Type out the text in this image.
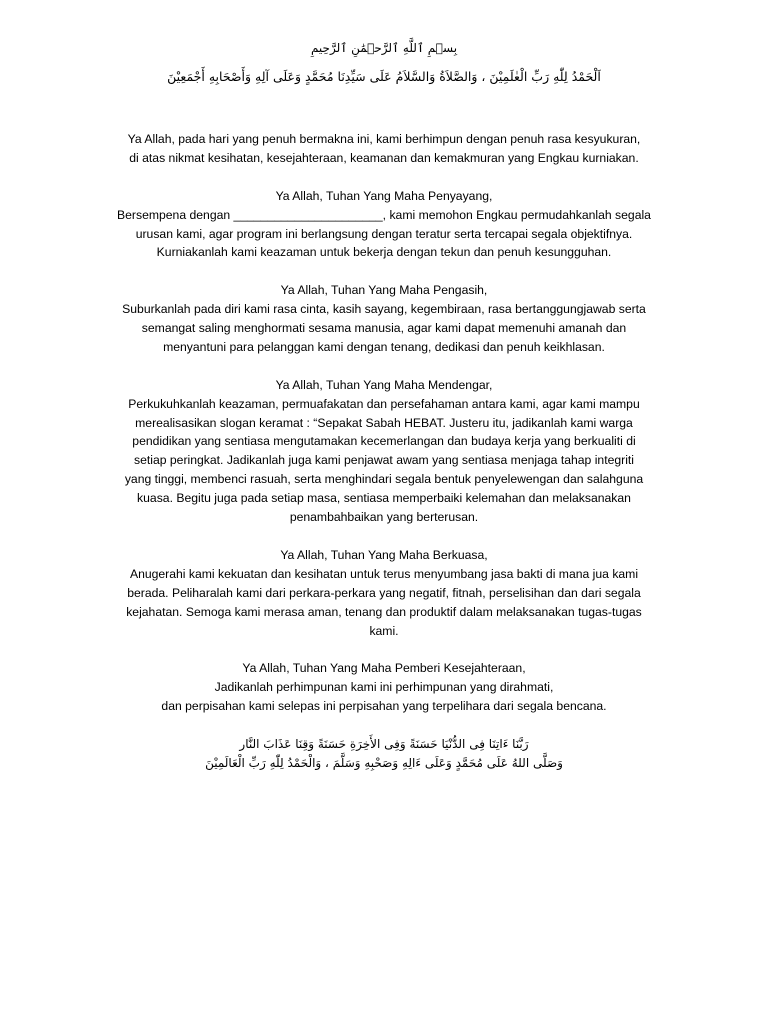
بِسۡمِ ٱللَّهِ ٱلرَّحۡمَٰنِ ٱلرَّحِيمِ
اَلْحَمْدُ لِلّٰهِ رَبِّ الْعٰلَمِيْنَ ، وَالصَّلاَةُ وَالسَّلاَمُ عَلَى سَيِّدِنَا مُحَمَّدٍ وَعَلَى آلِهِ وَأَصْحَابِهِ أَجْمَعِيْنَ
Ya Allah, pada hari yang penuh bermakna ini, kami berhimpun dengan penuh rasa kesyukuran,
di atas nikmat kesihatan, kesejahteraan, keamanan dan kemakmuran yang Engkau kurniakan.
Ya Allah, Tuhan Yang Maha Penyayang,
Bersempena dengan ______________________, kami memohon Engkau permudahkanlah segala
urusan kami, agar program ini berlangsung dengan teratur serta tercapai segala objektifnya.
Kurniakanlah kami keazaman untuk bekerja dengan tekun dan penuh kesungguhan.
Ya Allah, Tuhan Yang Maha Pengasih,
Suburkanlah pada diri kami rasa cinta, kasih sayang, kegembiraan, rasa bertanggungjawab serta
semangat saling menghormati sesama manusia, agar kami dapat memenuhi amanah dan
menyantuni para pelanggan kami dengan tenang, dedikasi dan penuh keikhlasan.
Ya Allah, Tuhan Yang Maha Mendengar,
Perkukuhkanlah keazaman, permuafakatan dan persefahaman antara kami, agar kami mampu
merealisasikan slogan keramat : “Sepakat Sabah HEBAT. Justeru itu, jadikanlah kami warga
pendidikan yang sentiasa mengutamakan kecemerlangan dan budaya kerja yang berkualiti di
setiap peringkat. Jadikanlah juga kami penjawat awam yang sentiasa menjaga tahap integriti
yang tinggi, membenci rasuah, serta menghindari segala bentuk penyelewengan dan salahguna
kuasa. Begitu juga pada setiap masa, sentiasa memperbaiki kelemahan dan melaksanakan
penambahbaikan yang berterusan.
Ya Allah, Tuhan Yang Maha Berkuasa,
Anugerahi kami kekuatan dan kesihatan untuk terus menyumbang jasa bakti di mana jua kami
berada. Peliharalah kami dari perkara-perkara yang negatif, fitnah, perselisihan dan dari segala
kejahatan. Semoga kami merasa aman, tenang dan produktif dalam melaksanakan tugas-tugas
kami.
Ya Allah, Tuhan Yang Maha Pemberi Kesejahteraan,
Jadikanlah perhimpunan kami ini perhimpunan yang dirahmati,
dan perpisahan kami selepas ini perpisahan yang terpelihara dari segala bencana.
رَبَّنَا ءَاتِنَا فِى الدُّنْيَا حَسَنَةً وَفِى الأَخِرَةِ حَسَنَةً وَقِنَا عَذَابَ النَّار
وَصَلَّى اللهُ عَلَى مُحَمَّدٍ وَعَلَى ءَالِهِ وَصَحْبِهِ وَسَلَّمَ ، وَالْحَمْدُ لِلّٰهِ رَبِّ الْعَالَمِيْنَ
